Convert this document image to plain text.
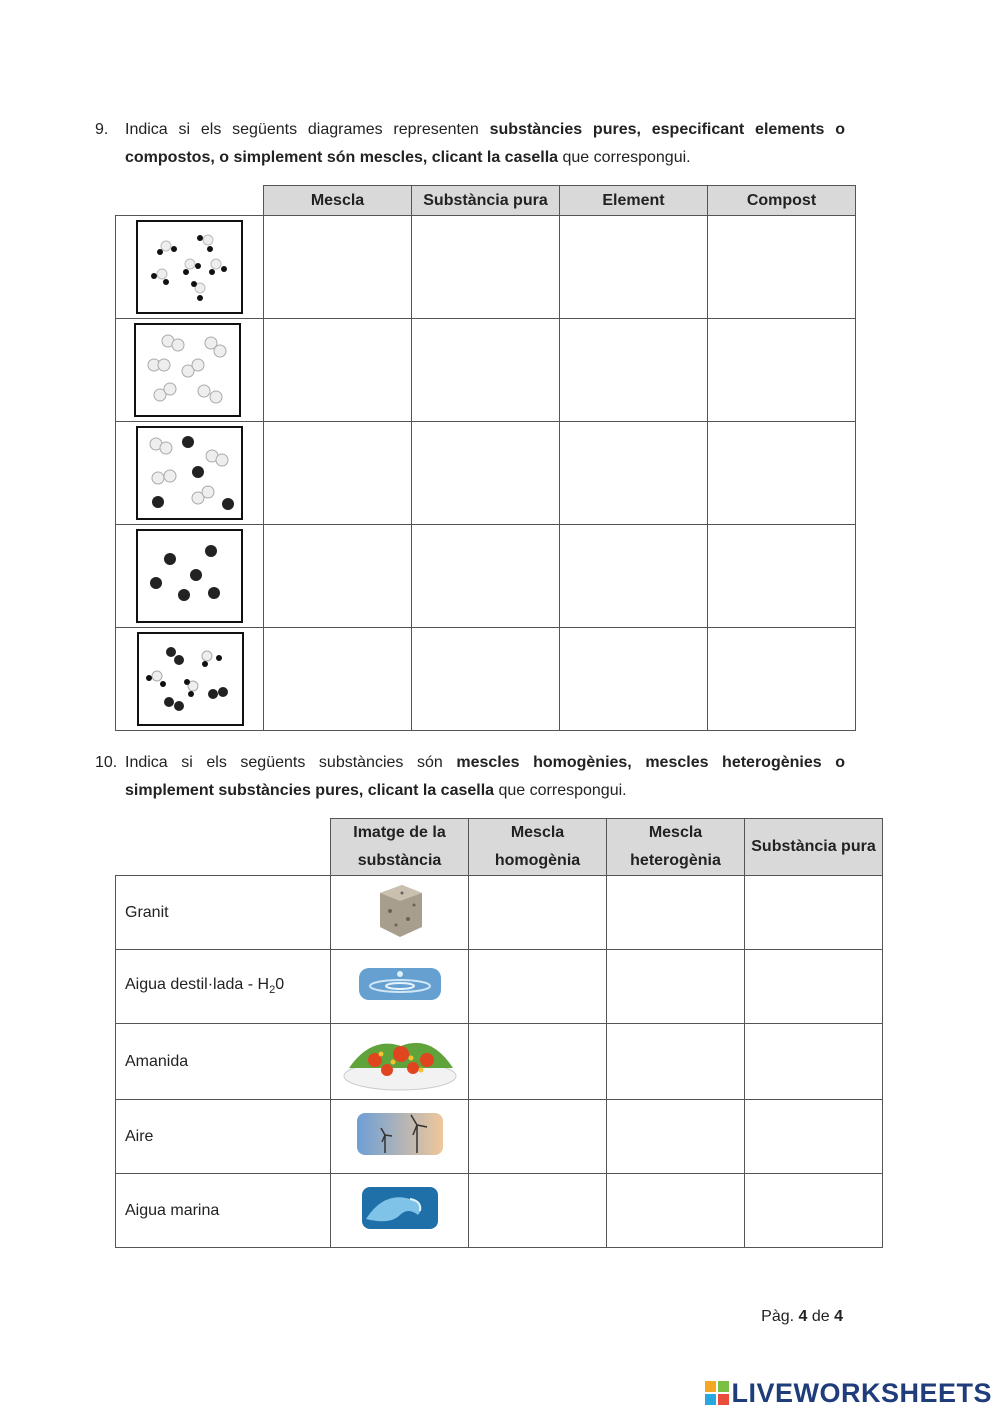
9. Indica si els següents diagrames representen substàncies pures, especificant elements o compostos, o simplement són mescles, clicant la casella que correspongui.
	Mescla	Substància pura	Element	Compost

10. Indica si els següents substàncies són mescles homogènies, mescles heterogènies o simplement substàncies pures, clicant la casella que correspongui.
	Imatge de la substància	Mescla homogènia	Mescla heterogènia	Substància pura
Granit				
Aigua destil·lada - $H_20$				
Amanida				
Aire				
Aigua marina				
Pàg. 4 de 4
LIVEWORKSHEETS
